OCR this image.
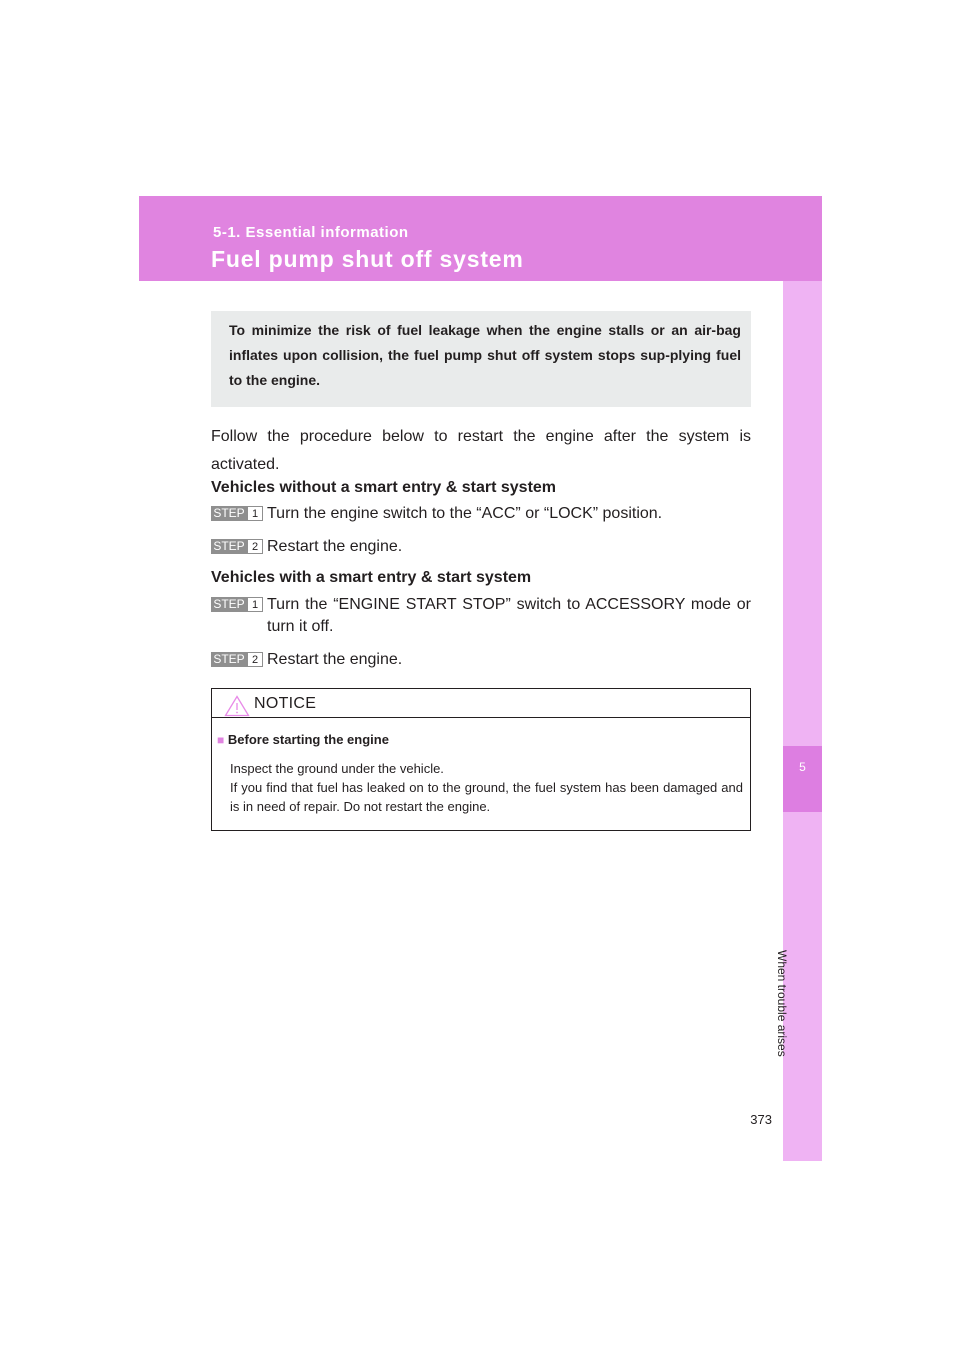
5-1. Essential information
Fuel pump shut off system
5
When trouble arises
To minimize the risk of fuel leakage when the engine stalls or an air-bag inflates upon collision, the fuel pump shut off system stops sup-plying fuel to the engine.
Follow the procedure below to restart the engine after the system is activated.
Vehicles without a smart entry & start system
STEP 1 Turn the engine switch to the “ACC” or “LOCK” position.
STEP 2 Restart the engine.
Vehicles with a smart entry & start system
STEP 1 Turn the “ENGINE START STOP” switch to ACCESSORY mode or turn it off.
STEP 2 Restart the engine.
NOTICE
■ Before starting the engine
Inspect the ground under the vehicle.
If you find that fuel has leaked on to the ground, the fuel system has been damaged and is in need of repair. Do not restart the engine.
373
